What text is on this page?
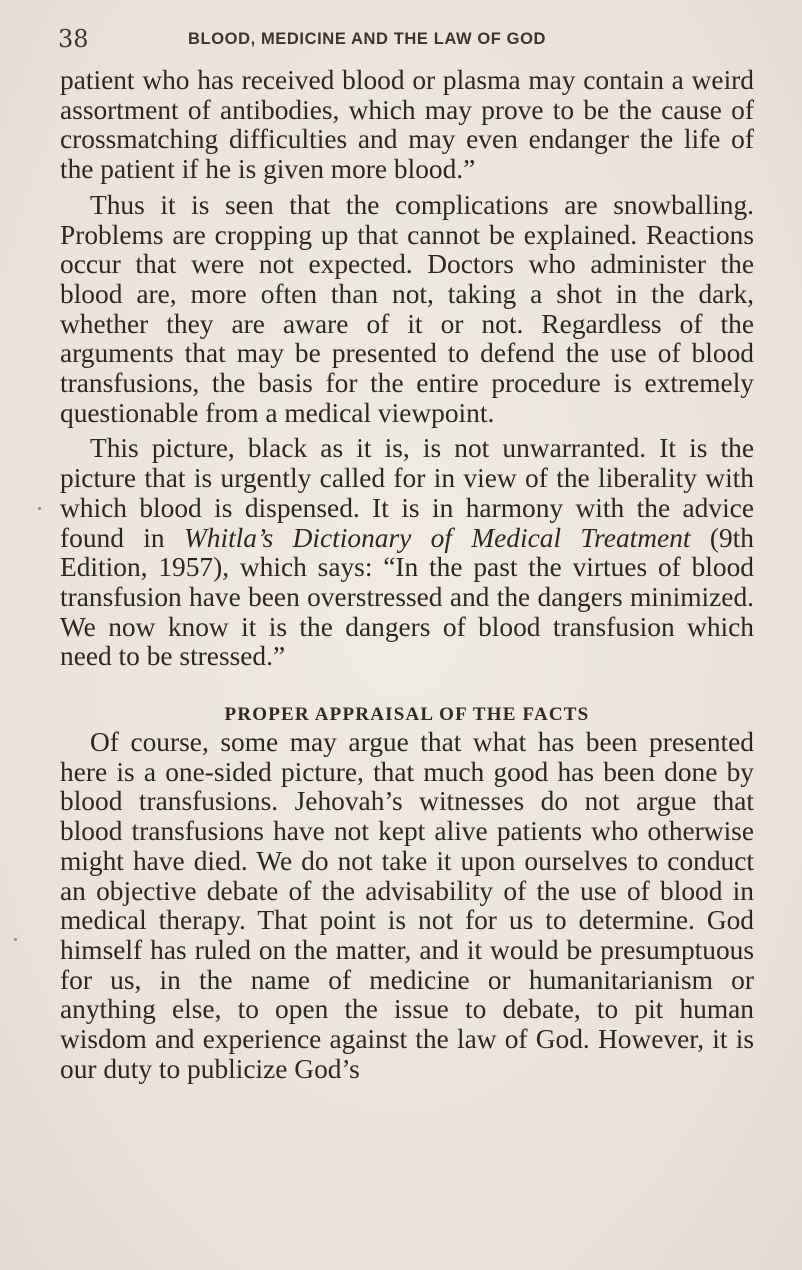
38	BLOOD, MEDICINE AND THE LAW OF GOD

patient who has received blood or plasma may contain a weird assortment of antibodies, which may prove to be the cause of crossmatching difficulties and may even endanger the life of the patient if he is given more blood.”

Thus it is seen that the complications are snowballing. Problems are cropping up that cannot be explained. Reactions occur that were not expected. Doctors who administer the blood are, more often than not, taking a shot in the dark, whether they are aware of it or not. Regardless of the arguments that may be presented to defend the use of blood transfusions, the basis for the entire procedure is extremely questionable from a medical viewpoint.

This picture, black as it is, is not unwarranted. It is the picture that is urgently called for in view of the liberality with which blood is dispensed. It is in harmony with the advice found in Whitla’s Dictionary of Medical Treatment (9th Edition, 1957), which says: “In the past the virtues of blood transfusion have been overstressed and the dangers minimized. We now know it is the dangers of blood transfusion which need to be stressed.”

PROPER APPRAISAL OF THE FACTS

Of course, some may argue that what has been presented here is a one-sided picture, that much good has been done by blood transfusions. Jehovah’s witnesses do not argue that blood transfusions have not kept alive patients who otherwise might have died. We do not take it upon ourselves to conduct an objective debate of the advisability of the use of blood in medical therapy. That point is not for us to determine. God himself has ruled on the matter, and it would be presumptuous for us, in the name of medicine or humanitarianism or anything else, to open the issue to debate, to pit human wisdom and experience against the law of God. However, it is our duty to publicize God’s
